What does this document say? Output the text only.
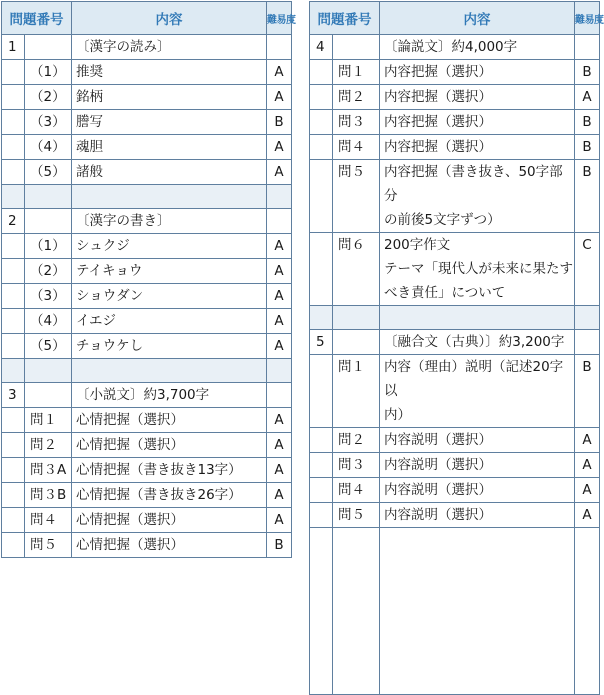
問題番号		内容	難易度
1		〔漢字の読み〕	

	（1）	推奨	A
	（2）	銘柄	A
	（3）	謄写	B
	（4）	魂胆	A
	（5）	諸般	A

2		〔漢字の書き〕	

	（1）	シュクジ	A
	（2）	テイキョウ	A
	（3）	ショウダン	A
	（4）	イエジ	A
	（5）	チョウケし	A

3		〔小説文〕約3,700字	

	問１	心情把握（選択）	A
	問２	心情把握（選択）	A
	問３A	心情把握（書き抜き13字）	A
	問３B	心情把握（書き抜き26字）	A
	問４	心情把握（選択）	A
	問５	心情把握（選択）	B
問題番号		内容	難易度
4		〔論説文〕約4,000字	

	問１	内容把握（選択）	B
	問２	内容把握（選択）	A
	問３	内容把握（選択）	B
	問４	内容把握（選択）	B
	問５	内容把握（書き抜き、50字部分
の前後5文字ずつ）	B
	問６	200字作文
テーマ「現代人が未来に果たす
べき責任」について	C

5		〔融合文（古典）〕約3,200字	

	問１	内容（理由）説明（記述20字以
内）	B
	問２	内容説明（選択）	A
	問３	内容説明（選択）	A
	問４	内容説明（選択）	A
	問５	内容説明（選択）	A
